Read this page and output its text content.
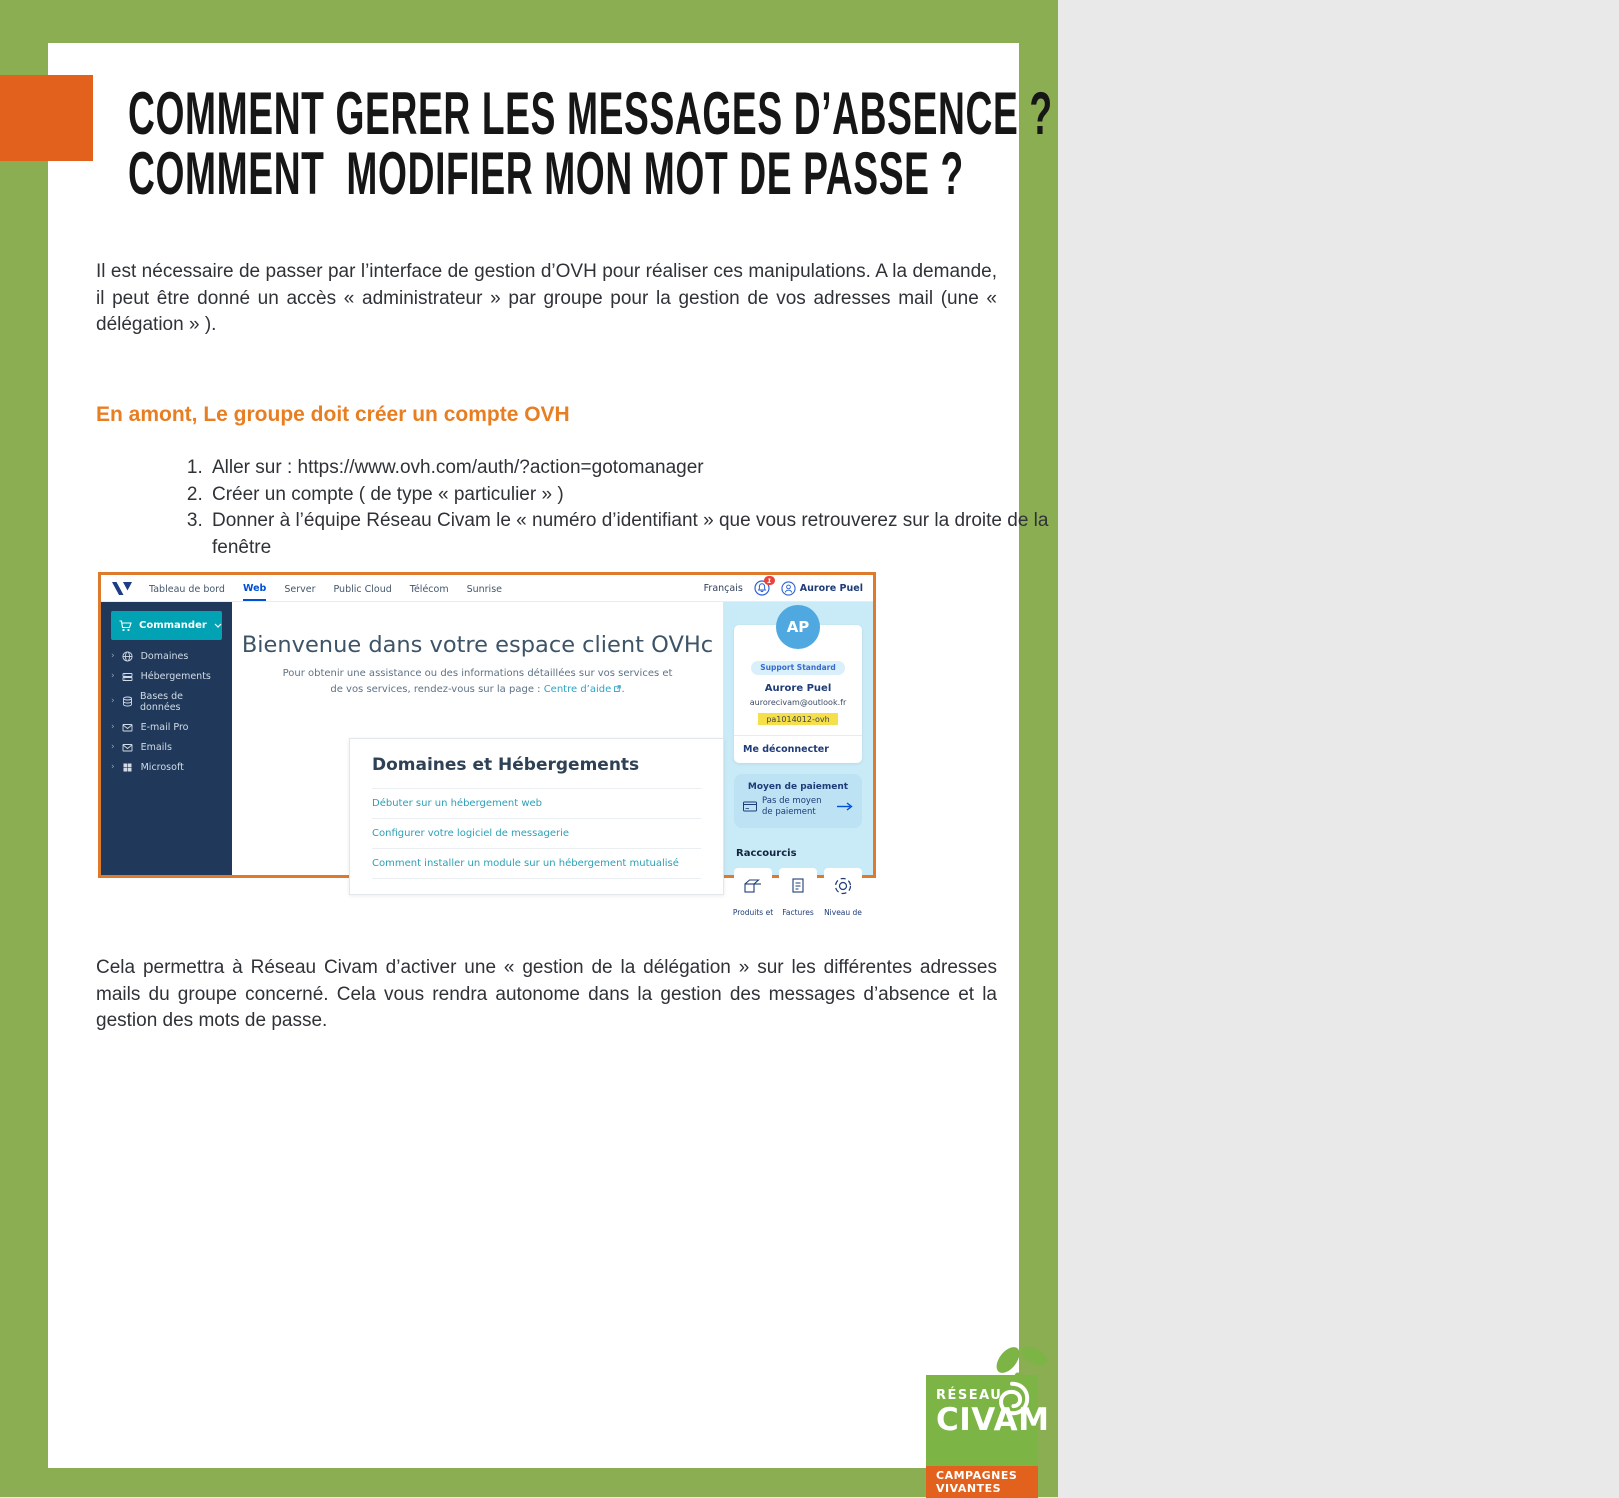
COMMENT GERER LES MESSAGES D’ABSENCE ?
COMMENT  MODIFIER MON MOT DE PASSE ?

Il est nécessaire de passer par l’interface de gestion d’OVH pour réaliser ces manipulations. A la demande, il peut être donné un accès « administrateur » par groupe pour la gestion de vos adresses mail (une « délégation » ).

En amont, Le groupe doit créer un compte OVH
1. Aller sur : https://www.ovh.com/auth/?action=gotomanager
2. Créer un compte ( de type « particulier » )
3. Donner à l’équipe Réseau Civam le « numéro d’identifiant » que vous retrouverez sur la droite de la fenêtre
Tableau de bord Web Server Public Cloud Télécom Sunrise	Français
1
Aurore Puel
Commander
›	Domaines
›	Hébergements
›	Bases de données
›	E-mail Pro
›	Emails
›	Microsoft
Bienvenue dans votre espace client OVHc

Pour obtenir une assistance ou des informations détaillées sur vos services et

de vos services, rendez-vous sur la page : Centre d’aide .

Domaines et Hébergements
Débuter sur un hébergement web
Configurer votre logiciel de messagerie
Comment installer un module sur un hébergement mutualisé
AP
Support Standard
Aurore Puel
aurorecivam@outlook.fr
pa1014012-ovh
Me déconnecter
Moyen de paiement
Pas de moyen de paiement
Raccourcis
Produits et Factures Niveau de

Cela permettra à Réseau Civam d’activer une « gestion de la délégation » sur les différentes adresses mails du groupe concerné. Cela vous rendra autonome dans la gestion des messages d’absence et la gestion des mots de passe.

RÉSEAU
CIVAM
CAMPAGNES
VIVANTES
